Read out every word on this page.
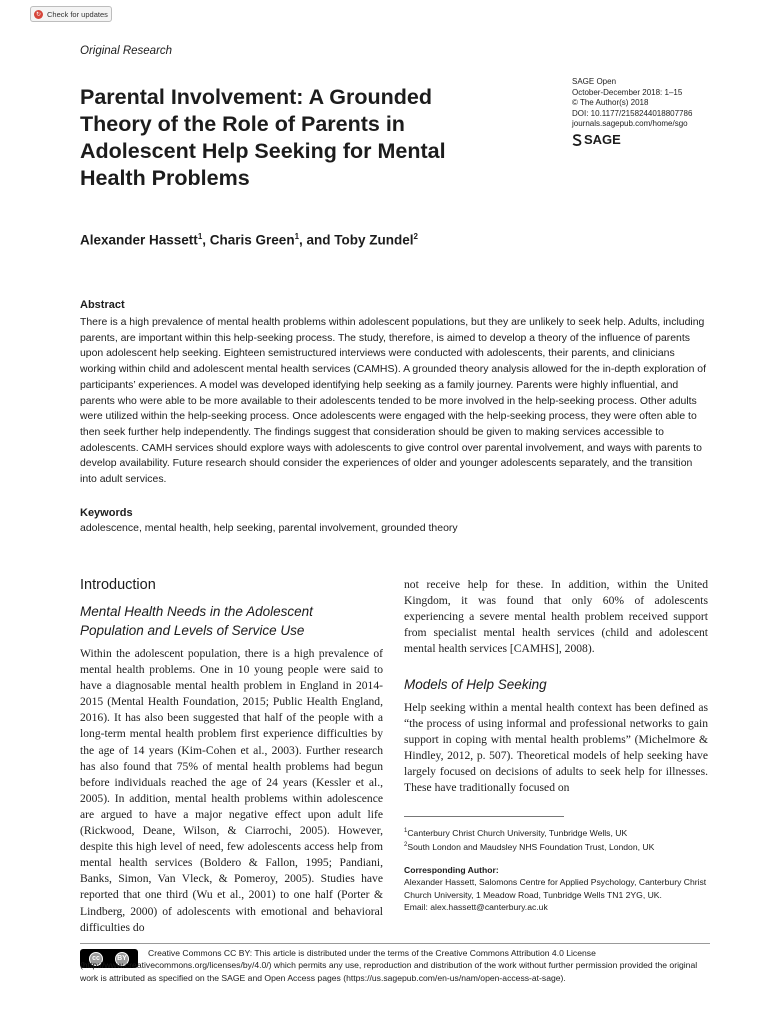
↻ Check for updates
Original Research
Parental Involvement: A Grounded Theory of the Role of Parents in Adolescent Help Seeking for Mental Health Problems
SAGE Open
October-December 2018: 1–15
© The Author(s) 2018
DOI: 10.1177/2158244018807786
journals.sagepub.com/home/sgo
SAGE
Alexander Hassett$^1$, Charis Green$^1$, and Toby Zundel$^2$
Abstract
There is a high prevalence of mental health problems within adolescent populations, but they are unlikely to seek help. Adults, including parents, are important within this help-seeking process. The study, therefore, is aimed to develop a theory of the influence of parents upon adolescent help seeking. Eighteen semistructured interviews were conducted with adolescents, their parents, and clinicians working within child and adolescent mental health services (CAMHS). A grounded theory analysis allowed for the in-depth exploration of participants’ experiences. A model was developed identifying help seeking as a family journey. Parents were highly influential, and parents who were able to be more available to their adolescents tended to be more involved in the help-seeking process. Other adults were utilized within the help-seeking process. Once adolescents were engaged with the help-seeking process, they were often able to then seek further help independently. The findings suggest that consideration should be given to making services accessible to adolescents. CAMH services should explore ways with adolescents to give control over parental involvement, and ways with parents to develop availability. Future research should consider the experiences of older and younger adolescents separately, and the transition into adult services.
Keywords
adolescence, mental health, help seeking, parental involvement, grounded theory
Introduction
Mental Health Needs in the Adolescent Population and Levels of Service Use
Within the adolescent population, there is a high prevalence of mental health problems. One in 10 young people were said to have a diagnosable mental health problem in England in 2014-2015 (Mental Health Foundation, 2015; Public Health England, 2016). It has also been suggested that half of the people with a long-term mental health problem first experience difficulties by the age of 14 years (Kim-Cohen et al., 2003). Further research has also found that 75% of mental health problems had begun before individuals reached the age of 24 years (Kessler et al., 2005). In addition, mental health problems within adolescence are argued to have a major negative effect upon adult life (Rickwood, Deane, Wilson, & Ciarrochi, 2005). However, despite this high level of need, few adolescents access help from mental health services (Boldero & Fallon, 1995; Pandiani, Banks, Simon, Van Vleck, & Pomeroy, 2005). Studies have reported that one third (Wu et al., 2001) to one half (Porter & Lindberg, 2000) of adolescents with emotional and behavioral difficulties do
not receive help for these. In addition, within the United Kingdom, it was found that only 60% of adolescents experiencing a severe mental health problem received support from specialist mental health services (child and adolescent mental health services [CAMHS], 2008).
Models of Help Seeking
Help seeking within a mental health context has been defined as “the process of using informal and professional networks to gain support in coping with mental health problems” (Michelmore & Hindley, 2012, p. 507). Theoretical models of help seeking have largely focused on decisions of adults to seek help for illnesses. These have traditionally focused on
$^1$Canterbury Christ Church University, Tunbridge Wells, UK
$^2$South London and Maudsley NHS Foundation Trust, London, UK
Corresponding Author:
Alexander Hassett, Salomons Centre for Applied Psychology, Canterbury Christ Church University, 1 Meadow Road, Tunbridge Wells TN1 2YG, UK.
Email: alex.hassett@canterbury.ac.uk
cc	BY
Creative Commons CC BY: This article is distributed under the terms of the Creative Commons Attribution 4.0 License (http://www.creativecommons.org/licenses/by/4.0/) which permits any use, reproduction and distribution of the work without further permission provided the original work is attributed as specified on the SAGE and Open Access pages (https://us.sagepub.com/en-us/nam/open-access-at-sage).
